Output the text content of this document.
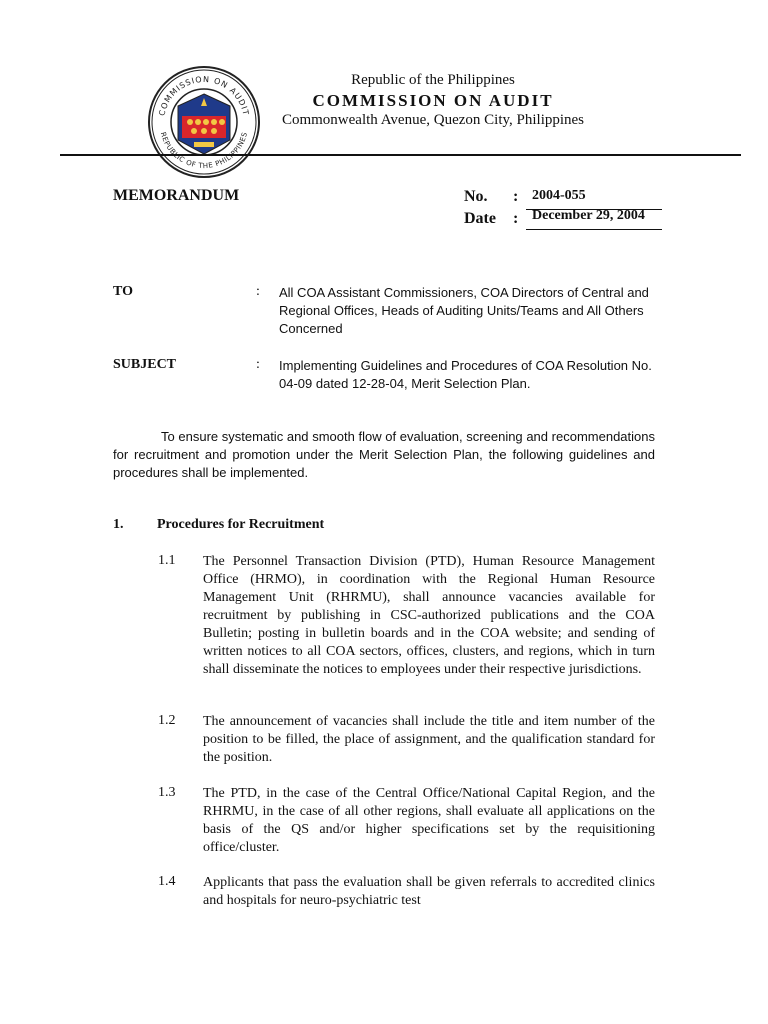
COMMISSION ON AUDIT
REPUBLIC OF THE PHILIPPINES
Republic of the Philippines
COMMISSION ON AUDIT
Commonwealth Avenue, Quezon City, Philippines
MEMORANDUM	No. : 2004-055
Date : December 29, 2004
TO	: All COA Assistant Commissioners, COA Directors of Central and Regional Offices, Heads of Auditing Units/Teams and All Others Concerned
SUBJECT	: Implementing Guidelines and Procedures of COA Resolution No. 04-09 dated 12-28-04, Merit Selection Plan.
To ensure systematic and smooth flow of evaluation, screening and recommendations for recruitment and promotion under the Merit Selection Plan, the following guidelines and procedures shall be implemented.
1. Procedures for Recruitment
1.1 The Personnel Transaction Division (PTD), Human Resource Management Office (HRMO), in coordination with the Regional Human Resource Management Unit (RHRMU), shall announce vacancies available for recruitment by publishing in CSC-authorized publications and the COA Bulletin; posting in bulletin boards and in the COA website; and sending of written notices to all COA sectors, offices, clusters, and regions, which in turn shall disseminate the notices to employees under their respective jurisdictions.
1.2 The announcement of vacancies shall include the title and item number of the position to be filled, the place of assignment, and the qualification standard for the position.
1.3 The PTD, in the case of the Central Office/National Capital Region, and the RHRMU, in the case of all other regions, shall evaluate all applications on the basis of the QS and/or higher specifications set by the requisitioning office/cluster.
1.4 Applicants that pass the evaluation shall be given referrals to accredited clinics and hospitals for neuro-psychiatric test
